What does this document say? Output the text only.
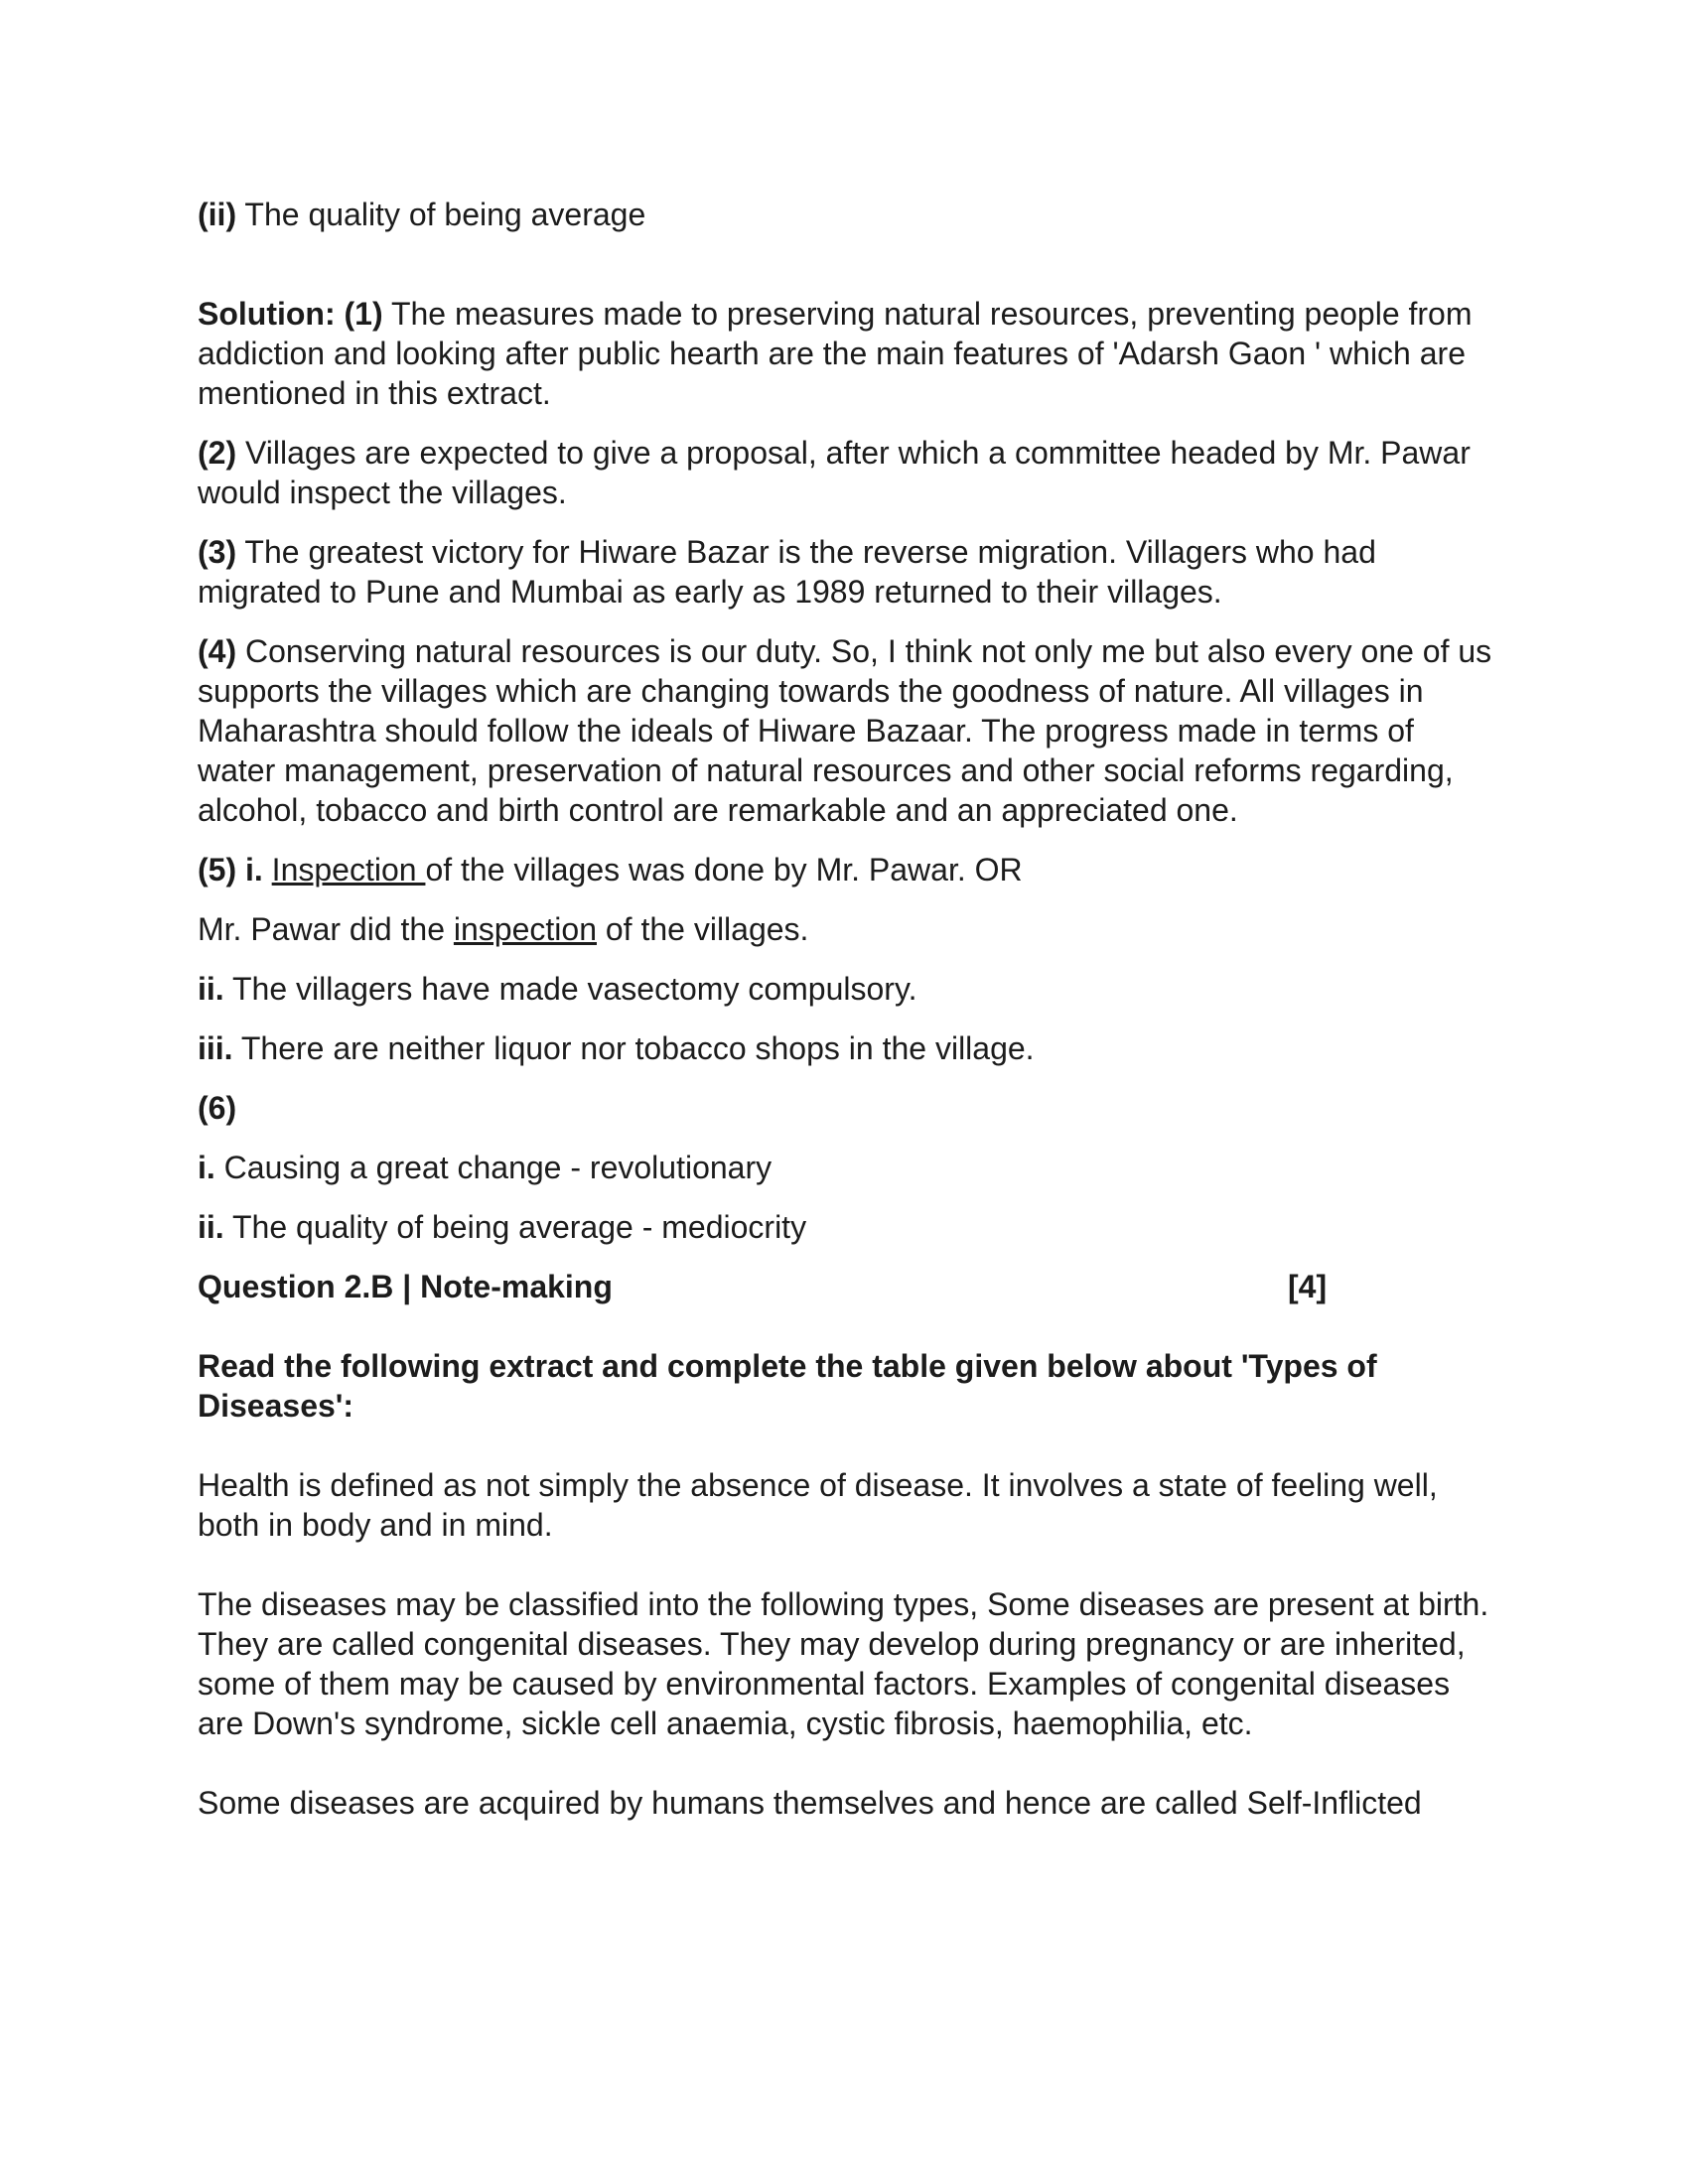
(ii) The quality of being average

Solution: (1) The measures made to preserving natural resources, preventing people from addiction and looking after public hearth are the main features of 'Adarsh Gaon ' which are mentioned in this extract.

(2) Villages are expected to give a proposal, after which a committee headed by Mr. Pawar would inspect the villages.

(3) The greatest victory for Hiware Bazar is the reverse migration. Villagers who had migrated to Pune and Mumbai as early as 1989 returned to their villages.

(4) Conserving natural resources is our duty. So, I think not only me but also every one of us supports the villages which are changing towards the goodness of nature. All villages in Maharashtra should follow the ideals of Hiware Bazaar. The progress made in terms of water management, preservation of natural resources and other social reforms regarding, alcohol, tobacco and birth control are remarkable and an appreciated one.

(5) i. Inspection of the villages was done by Mr. Pawar. OR

Mr. Pawar did the inspection of the villages.

ii. The villagers have made vasectomy compulsory.

iii. There are neither liquor nor tobacco shops in the village.

(6)

i. Causing a great change - revolutionary

ii. The quality of being average - mediocrity

Question 2.B | Note-making	[4]

Read the following extract and complete the table given below about 'Types of Diseases':

Health is defined as not simply the absence of disease. It involves a state of feeling well, both in body and in mind.

The diseases may be classified into the following types, Some diseases are present at birth. They are called congenital diseases. They may develop during pregnancy or are inherited, some of them may be caused by environmental factors. Examples of congenital diseases are Down's syndrome, sickle cell anaemia, cystic fibrosis, haemophilia, etc.

Some diseases are acquired by humans themselves and hence are called Self-Inflicted
